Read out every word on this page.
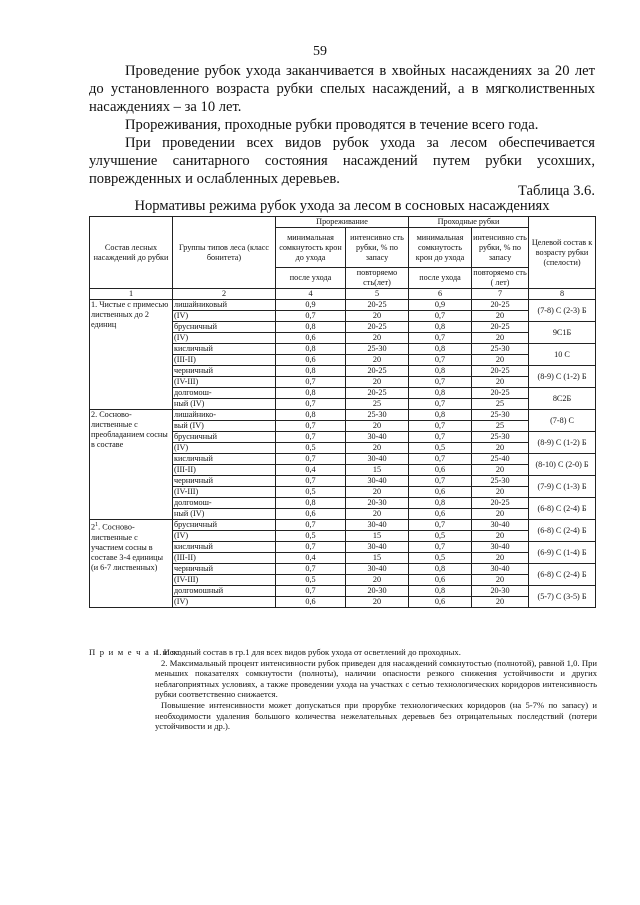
59

Проведение рубок ухода заканчивается в хвойных насаждениях за 20 лет до установленного возраста рубки спелых насаждений, а в мягколиственных насаждениях – за 10 лет.

Прореживания, проходные рубки проводятся в течение всего года.

При проведении всех видов рубок ухода за лесом обеспечивается улучшение санитарного состояния насаждений путем рубки усохших, поврежденных и ослабленных деревьев.

Таблица 3.6.
Нормативы режима рубок ухода за лесом в сосновых насаждениях
Состав лесных насаждений до рубки	Группы типов леса (класс бонитета)	Прореживание		Проходные рубки		Целевой состав к возрасту рубки (спелости)
		минимальная сомкнутость крон до ухода	интенсивно сть рубки, % по запасу	минимальная сомкнутость крон до ухода	интенсивно сть рубки, % по запасу	
		после ухода	повторяемо сть(лет)	после ухода	повторяемо сть ( лет)	
1	2	4	5	6	7	8
1. Чистые с примесью лиственных до 2 единиц	лишайниковый	0,9	20-25	0,9	20-25	(7-8) С (2-3) Б
	(IV)	0,7	20	0,7	20	
	брусничный	0,8	20-25	0,8	20-25	9С1Б
	(IV)	0,6	20	0,7	20	
	кисличный	0,8	25-30	0,8	25-30	10 С
	(III-II)	0,6	20	0,7	20	
	черничный	0,8	20-25	0,8	20-25	(8-9) С (1-2) Б
	(IV-III)	0,7	20	0,7	20	
	долгомош-	0,8	20-25	0,8	20-25	8С2Б
	ный (IV)	0,7	25	0,7	25	
2. Сосново-лиственные с преобладанием сосны в составе	лишайнико-	0,8	25-30	0,8	25-30	(7-8) С
	вый (IV)	0,7	20	0,7	25	
	брусничный	0,7	30-40	0,7	25-30	(8-9) С (1-2) Б
	(IV)	0,5	20	0,5	20	
	кисличный	0,7	30-40	0,7	25-40	(8-10) С (2-0) Б
	(III-II)	0,4	15	0,6	20	
	черничный	0,7	30-40	0,7	25-30	(7-9) С (1-3) Б
	(IV-III)	0,5	20	0,6	20	
	долгомош-	0,8	20-30	0,8	20-25	(6-8) С (2-4) Б
	ный (IV)	0,6	20	0,6	20	
$2^1$. Сосново-лиственные с участием сосны в составе 3-4 единицы (и 6-7 лиственных)	брусничный	0,7	30-40	0,7	30-40	(6-8) С (2-4) Б
	(IV)	0,5	15	0,5	20	
	кисличный	0,7	30-40	0,7	30-40	(6-9) С (1-4) Б
	(III-II)	0,4	15	0,5	20	
	черничный	0,7	30-40	0,8	30-40	(6-8) С (2-4) Б
	(IV-III)	0,5	20	0,6	20	
	долгомошный	0,7	20-30	0,8	20-30	(5-7) С (3-5) Б
	(IV)	0,6	20	0,6	20	
П р и м е ч а н и я:

1. Исходный состав в гр.1 для всех видов рубок ухода от осветлений до проходных.

2. Максимальный процент интенсивности рубок приведен для насаждений сомкнутостью (полнотой), равной 1,0. При меньших показателях сомкнутости (полноты), наличии опасности резкого снижения устойчивости и других неблагоприятных условиях, а также проведении ухода на участках с сетью технологических коридоров интенсивность рубки соответственно снижается.

Повышение интенсивности может допускаться при прорубке технологических коридоров (на 5-7% по запасу) и необходимости удаления большого количества нежелательных деревьев без отрицательных последствий (потери устойчивости и др.).
